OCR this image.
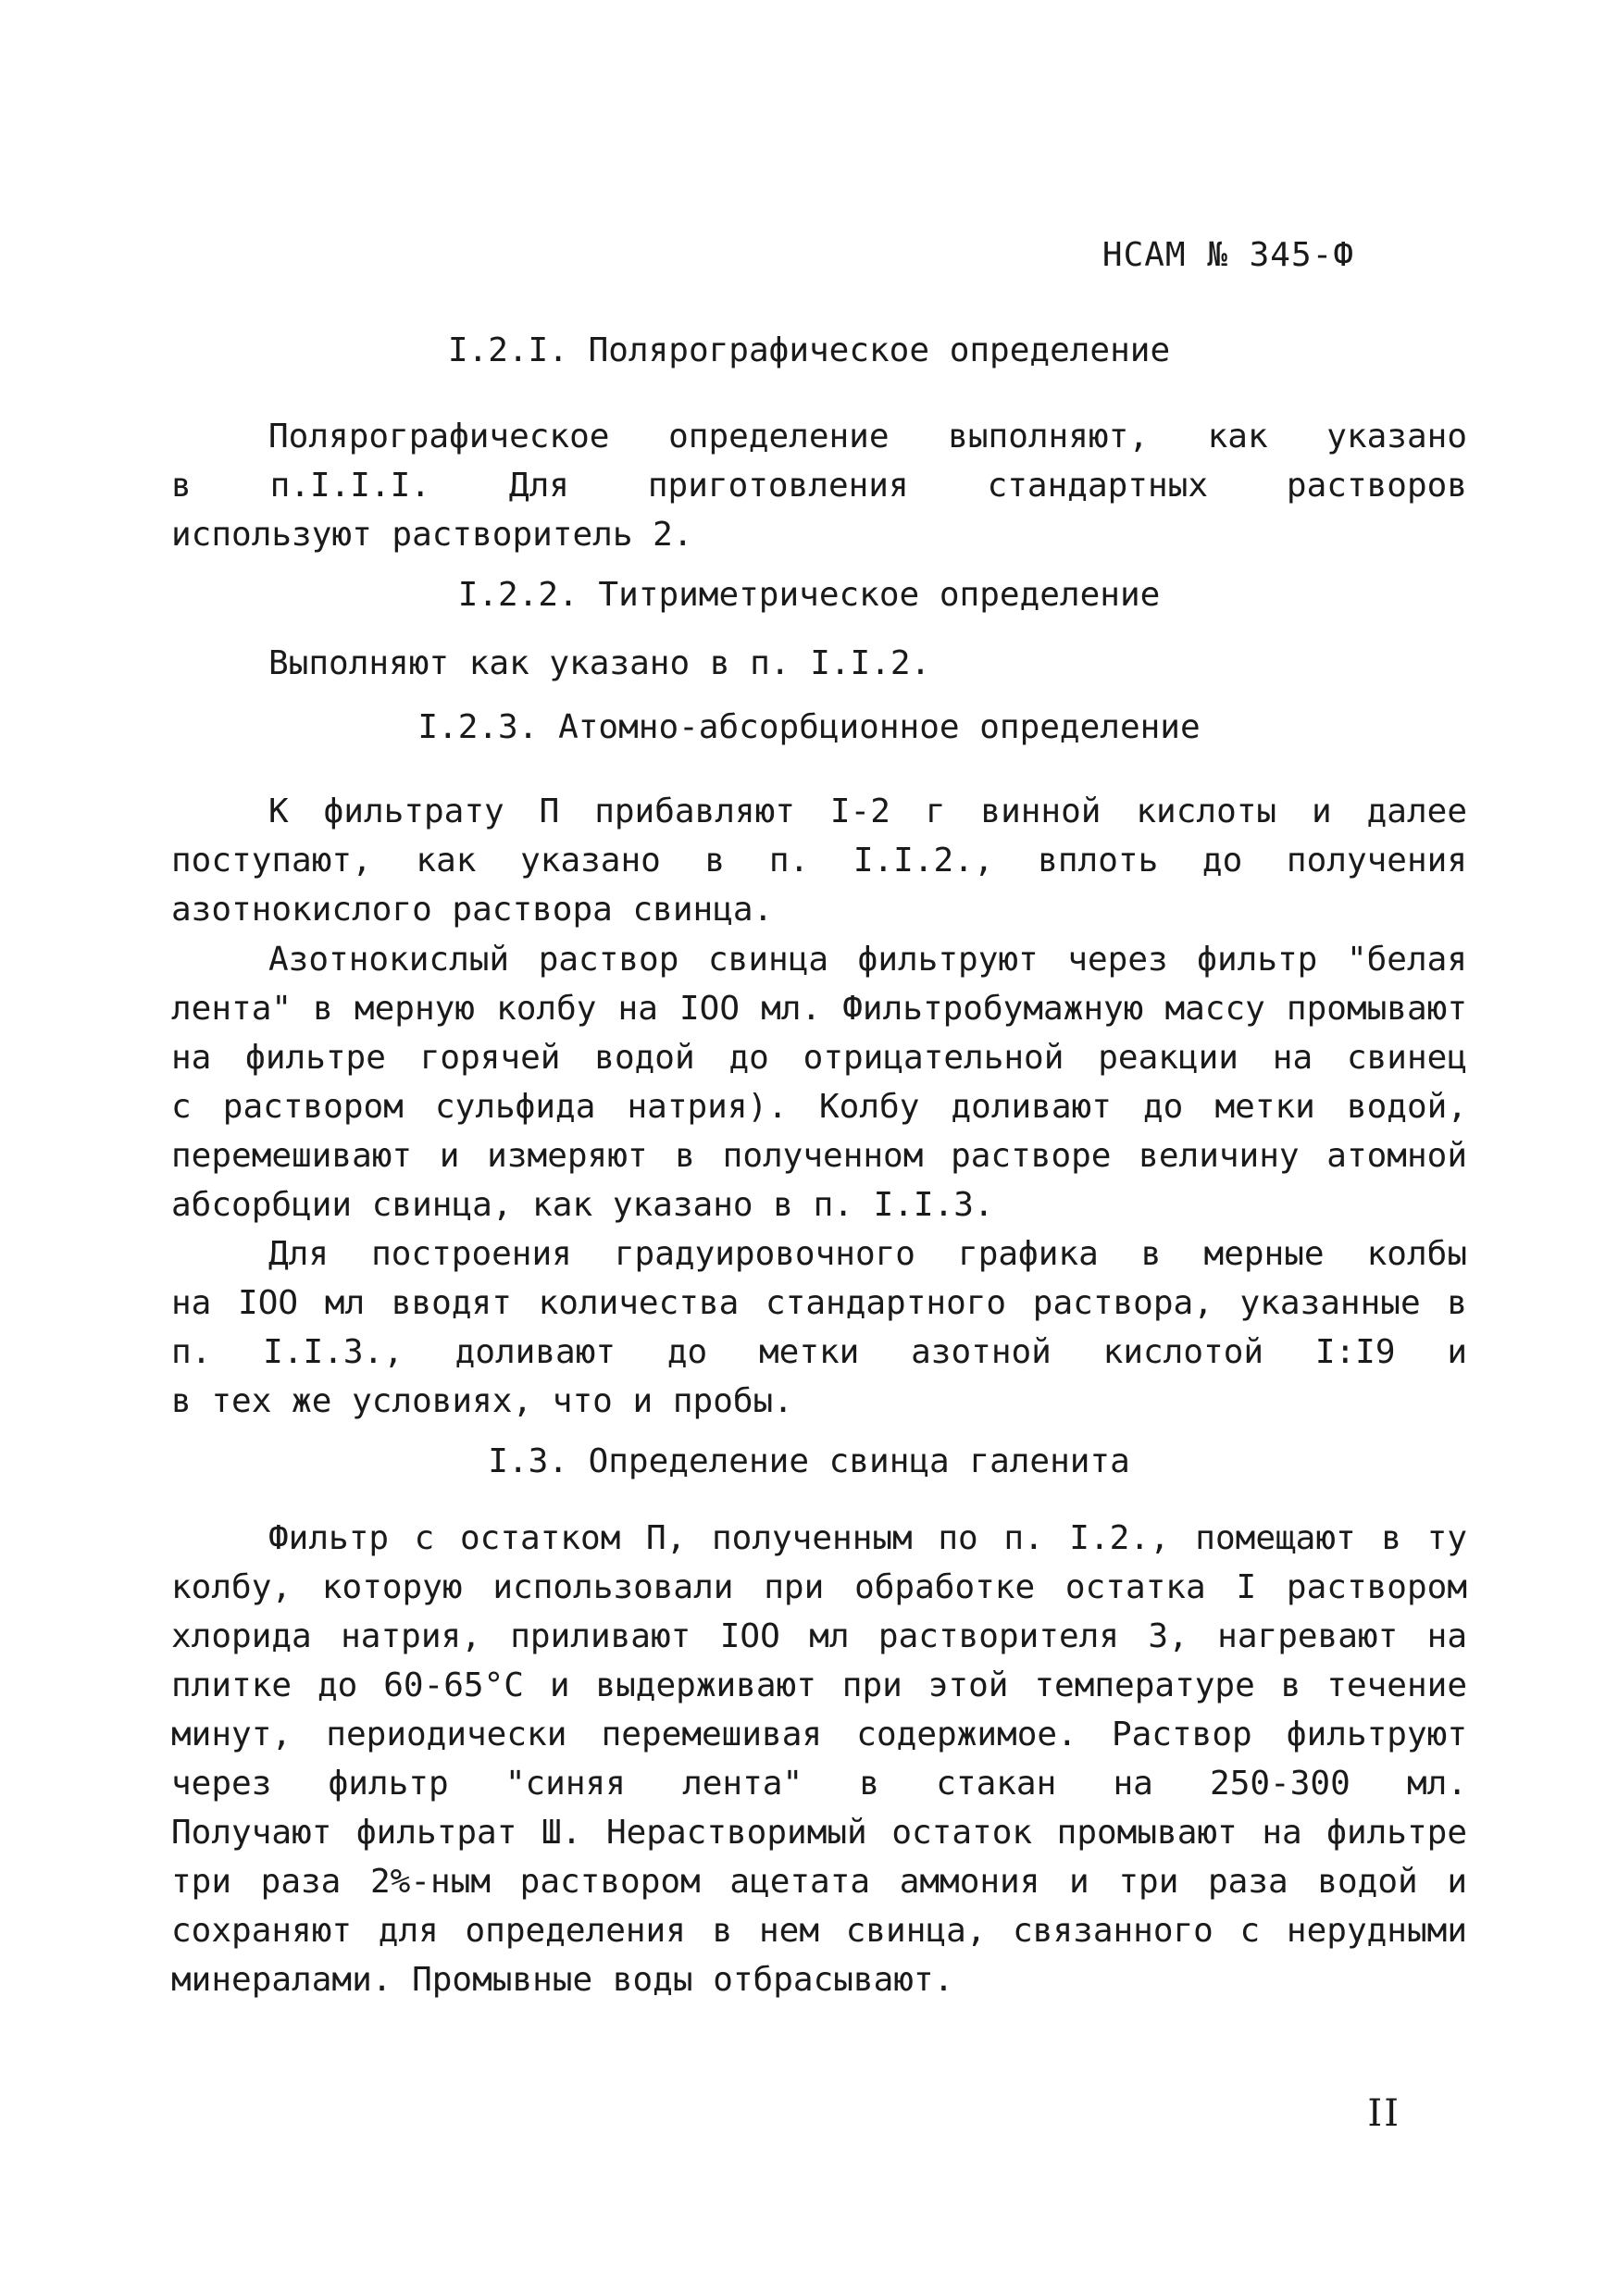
НСАМ № 345-Ф
I.2.I. Полярографическое определение
Полярографическое определение выполняют, как указано
в п.I.I.I. Для приготовления стандартных растворов
используют растворитель 2.
I.2.2. Титриметрическое определение
Выполняют как указано в п. I.I.2.
I.2.3. Атомно-абсорбционное определение
К фильтрату П прибавляют I-2 г винной кислоты и далее
поступают, как указано в п. I.I.2., вплоть до получения
азотнокислого раствора свинца.
Азотнокислый раствор свинца фильтруют через фильтр "белая
лента" в мерную колбу на IOO мл. Фильтробумажную массу промывают
на фильтре горячей водой до отрицательной реакции на свинец
с раствором сульфида натрия). Колбу доливают до метки водой,
перемешивают и измеряют в полученном растворе величину атомной
абсорбции свинца, как указано в п. I.I.3.
Для построения градуировочного графика в мерные колбы
на IOO мл вводят количества стандартного раствора, указанные в
п. I.I.3., доливают до метки азотной кислотой I:I9 и
в тех же условиях, что и пробы.
I.3. Определение свинца галенита
Фильтр с остатком П, полученным по п. I.2., помещают в ту
колбу, которую использовали при обработке остатка I раствором
хлорида натрия, приливают IOO мл растворителя 3, нагревают на
плитке до 60-65°С и выдерживают при этой температуре в течение
минут, периодически перемешивая содержимое. Раствор фильтруют
через фильтр "синяя лента" в стакан на 250-300 мл.
Получают фильтрат Ш. Нерастворимый остаток промывают на фильтре
три раза 2%-ным раствором ацетата аммония и три раза водой и
сохраняют для определения в нем свинца, связанного с нерудными
минералами. Промывные воды отбрасывают.
II
